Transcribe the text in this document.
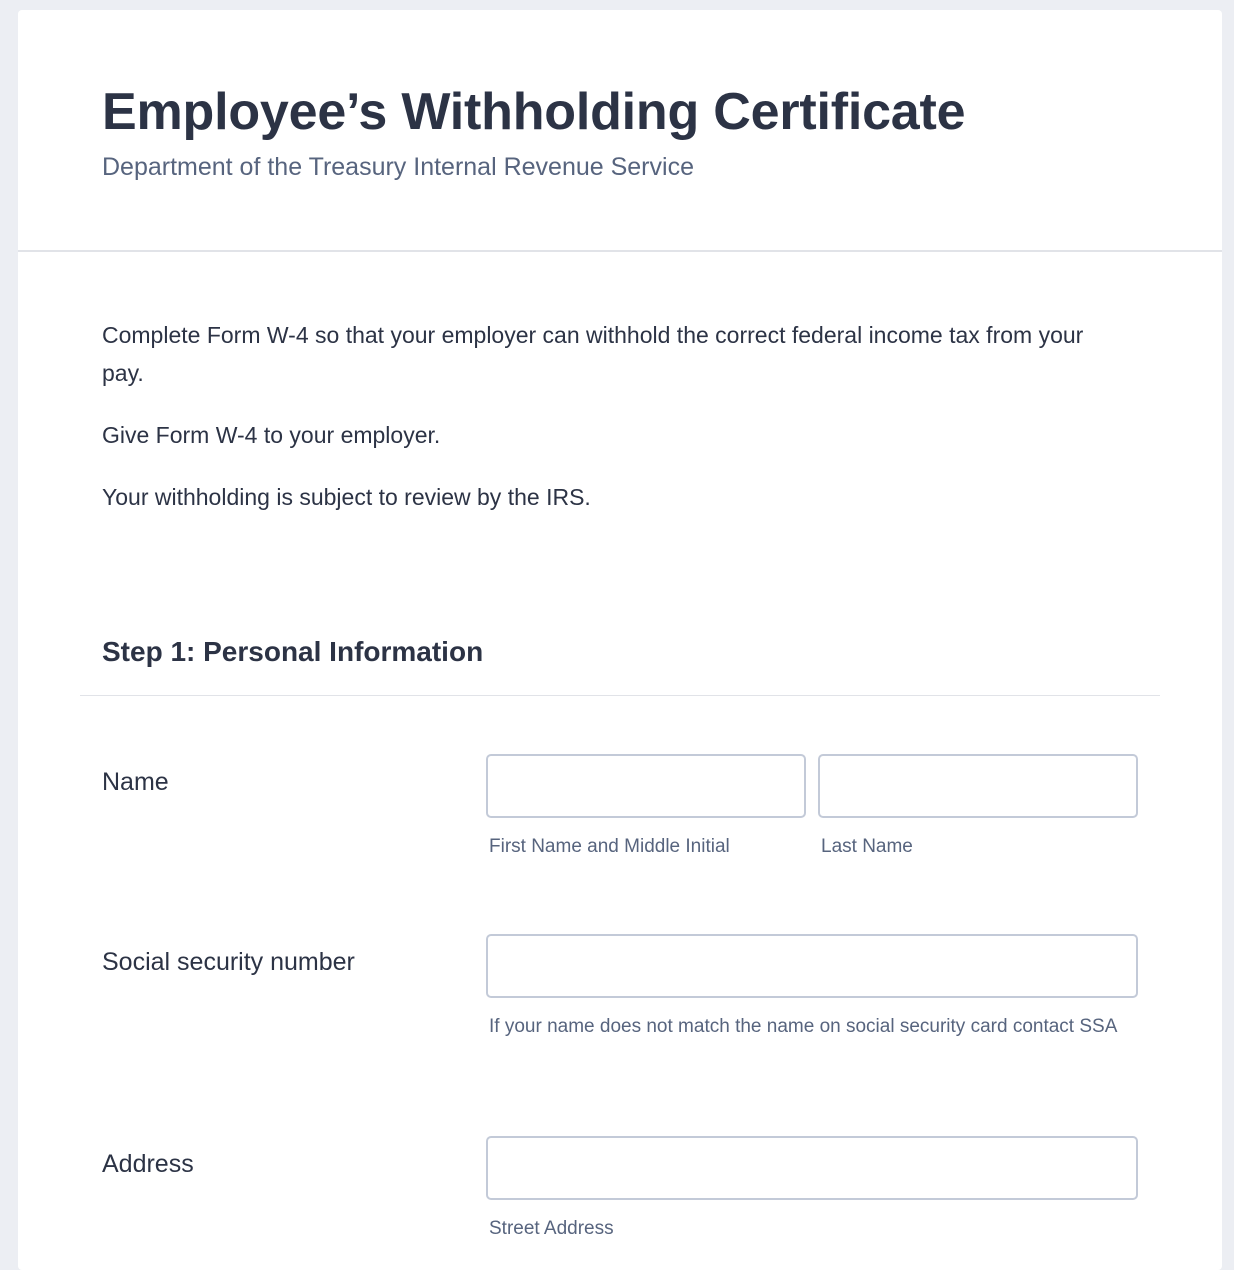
Employee’s Withholding Certificate
Department of the Treasury Internal Revenue Service

Complete Form W-4 so that your employer can withhold the correct federal income tax from your pay.

Give Form W-4 to your employer.

Your withholding is subject to review by the IRS.

Step 1: Personal Information
Name
First Name and Middle Initial	Last Name
Social security number
If your name does not match the name on social security card contact SSA
Address
Street Address
